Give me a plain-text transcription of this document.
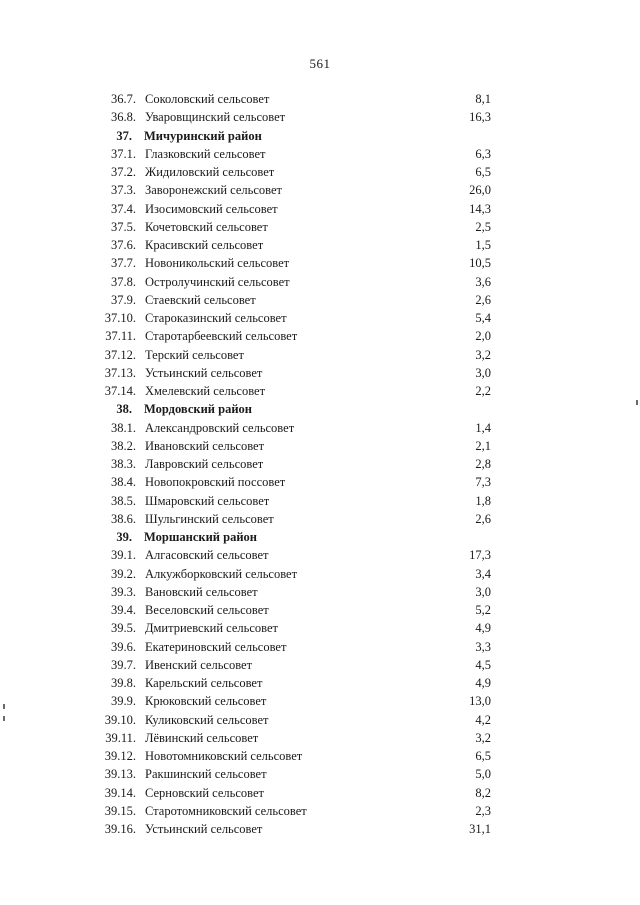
561
36.7. Соколовский сельсовет	8,1
36.8. Уваровщинский сельсовет	16,3
37. Мичуринский район
37.1. Глазковский сельсовет	6,3
37.2. Жидиловский сельсовет	6,5
37.3. Заворонежский сельсовет	26,0
37.4. Изосимовский сельсовет	14,3
37.5. Кочетовский сельсовет	2,5
37.6. Красивский сельсовет	1,5
37.7. Новоникольский сельсовет	10,5
37.8. Остролучинский сельсовет	3,6
37.9. Стаевский сельсовет	2,6
37.10. Староказинский сельсовет	5,4
37.11. Старотарбеевский сельсовет	2,0
37.12. Терский сельсовет	3,2
37.13. Устьинский сельсовет	3,0
37.14. Хмелевский сельсовет	2,2
38. Мордовский район
38.1. Александровский сельсовет	1,4
38.2. Ивановский сельсовет	2,1
38.3. Лавровский сельсовет	2,8
38.4. Новопокровский поссовет	7,3
38.5. Шмаровский сельсовет	1,8
38.6. Шульгинский сельсовет	2,6
39. Моршанский район
39.1. Алгасовский сельсовет	17,3
39.2. Алкужборковский сельсовет	3,4
39.3. Вановский сельсовет	3,0
39.4. Веселовский сельсовет	5,2
39.5. Дмитриевский сельсовет	4,9
39.6. Екатериновский сельсовет	3,3
39.7. Ивенский сельсовет	4,5
39.8. Карельский сельсовет	4,9
39.9. Крюковский сельсовет	13,0
39.10. Куликовский сельсовет	4,2
39.11. Лёвинский сельсовет	3,2
39.12. Новотомниковский сельсовет	6,5
39.13. Ракшинский сельсовет	5,0
39.14. Серновский сельсовет	8,2
39.15. Старотомниковский сельсовет	2,3
39.16. Устьинский сельсовет	31,1
